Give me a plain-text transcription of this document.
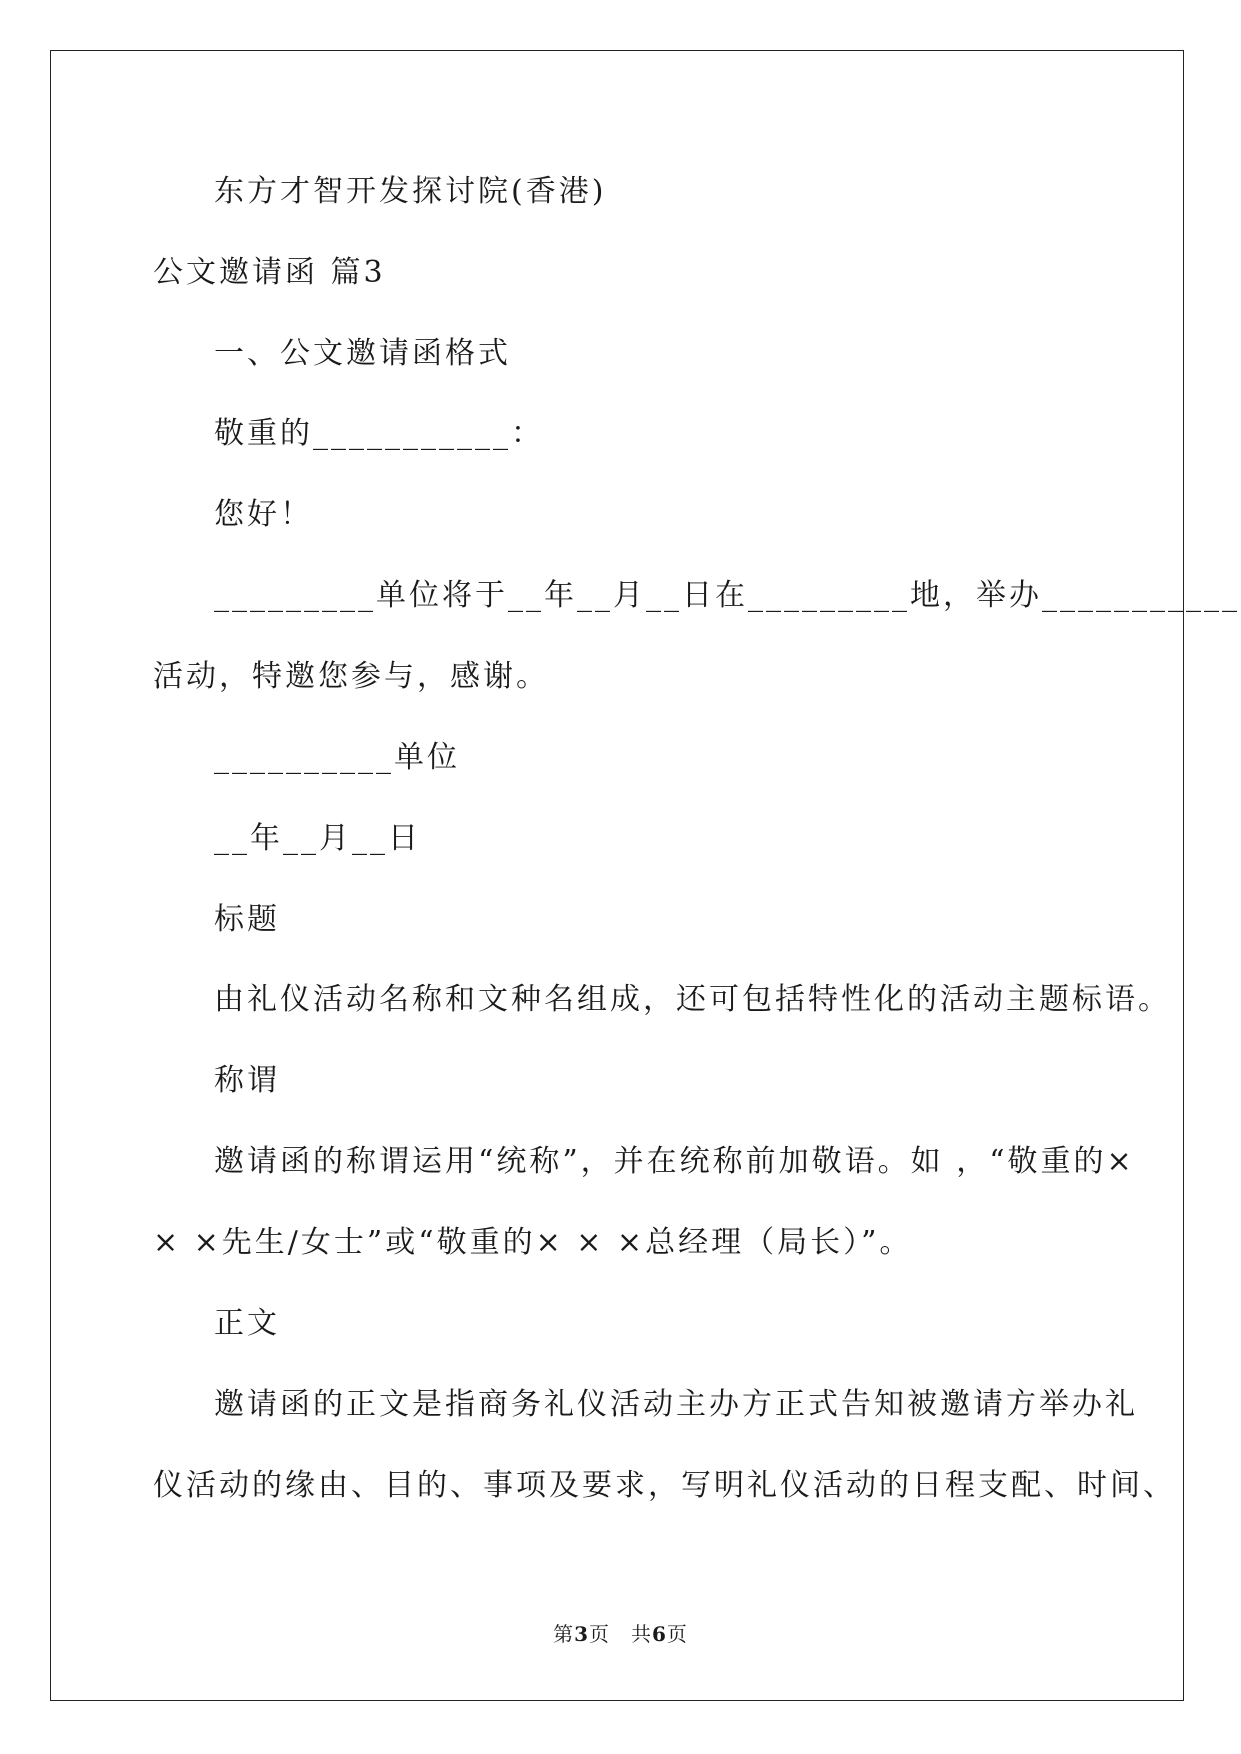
东方才智开发探讨院(香港)
公文邀请函 篇3
一、公文邀请函格式
敬重的___________：
您好！
_________单位将于__年__月__日在_________地，举办___________
活动，特邀您参与，感谢。
__________单位
__年__月__日
标题
由礼仪活动名称和文种名组成，还可包括特性化的活动主题标语。
称谓
邀请函的称谓运用“统称”，并在统称前加敬语。如 ，“敬重的×
× ×先生/女士”或“敬重的× × ×总经理（局长）”。
正文
邀请函的正文是指商务礼仪活动主办方正式告知被邀请方举办礼
仪活动的缘由、目的、事项及要求，写明礼仪活动的日程支配、时间、
第3页　共6页
